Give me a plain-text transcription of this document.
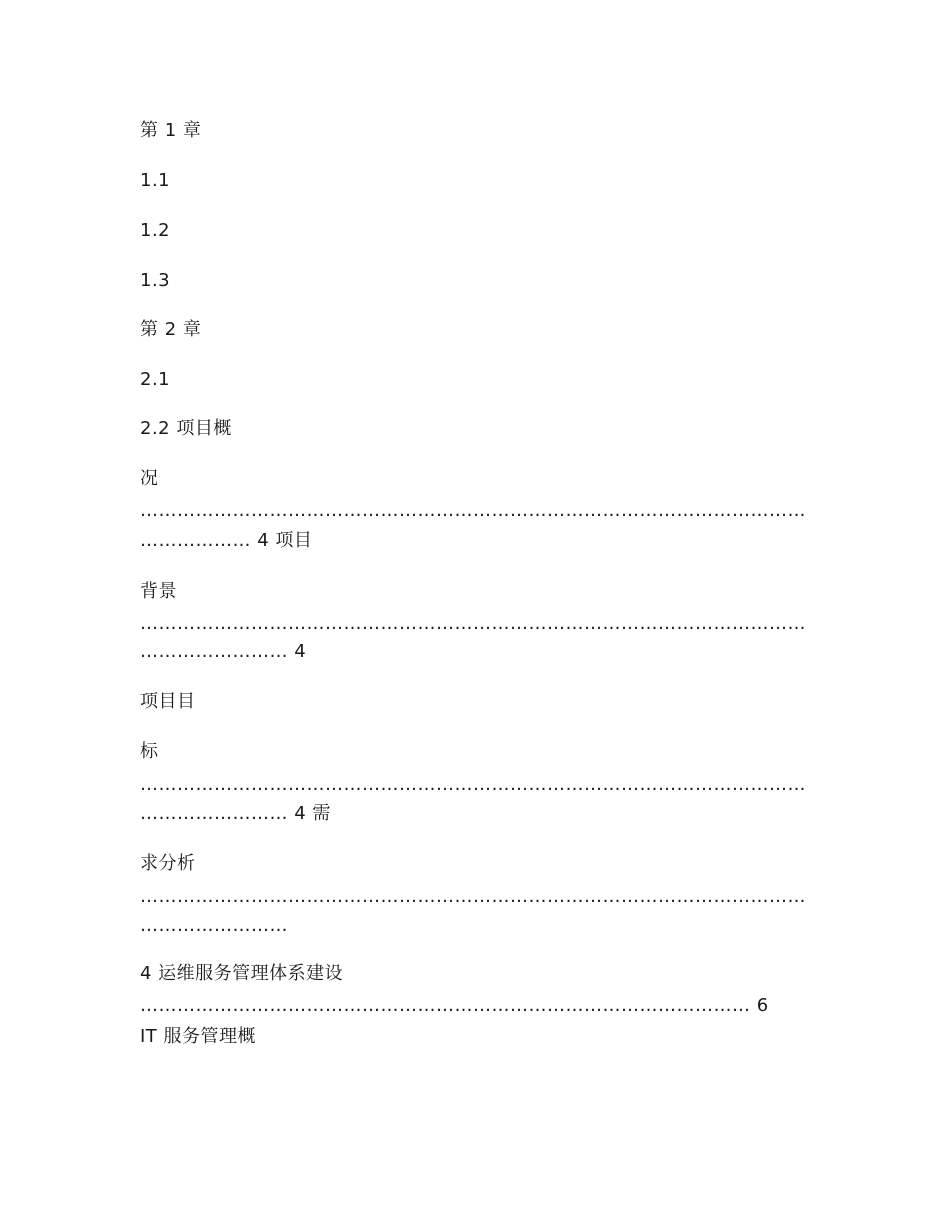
第 1 章
1.1
1.2
1.3
第 2 章
2.1
2.2 项目概
况
………………………………………………………………………………………………
……………… 4 项目
背景
………………………………………………………………………………………………
…………………… 4
项目目
标
………………………………………………………………………………………………
…………………… 4 需
求分析
………………………………………………………………………………………………
……………………
4 运维服务管理体系建设
……………………………………………………………………………………… 6
IT 服务管理概
